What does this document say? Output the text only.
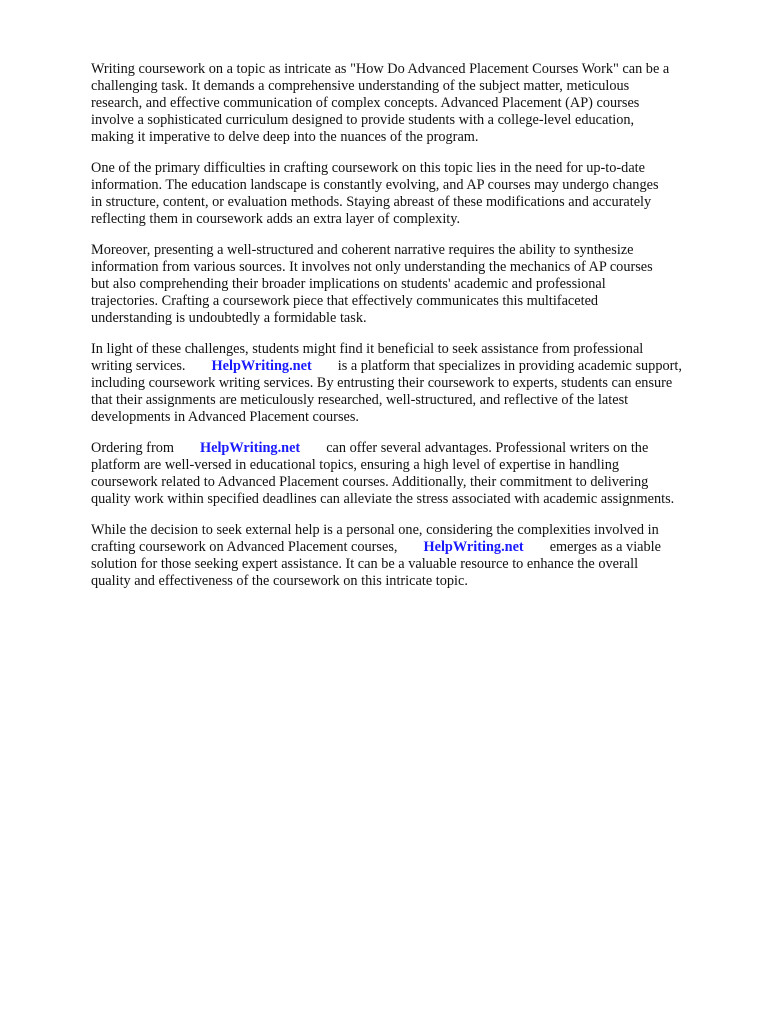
Writing coursework on a topic as intricate as "How Do Advanced Placement Courses Work" can be a
challenging task. It demands a comprehensive understanding of the subject matter, meticulous
research, and effective communication of complex concepts. Advanced Placement (AP) courses
involve a sophisticated curriculum designed to provide students with a college-level education,
making it imperative to delve deep into the nuances of the program.

One of the primary difficulties in crafting coursework on this topic lies in the need for up-to-date
information. The education landscape is constantly evolving, and AP courses may undergo changes
in structure, content, or evaluation methods. Staying abreast of these modifications and accurately
reflecting them in coursework adds an extra layer of complexity.

Moreover, presenting a well-structured and coherent narrative requires the ability to synthesize
information from various sources. It involves not only understanding the mechanics of AP courses
but also comprehending their broader implications on students' academic and professional
trajectories. Crafting a coursework piece that effectively communicates this multifaceted
understanding is undoubtedly a formidable task.

In light of these challenges, students might find it beneficial to seek assistance from professional
writing services. HelpWriting.net is a platform that specializes in providing academic support,
including coursework writing services. By entrusting their coursework to experts, students can ensure
that their assignments are meticulously researched, well-structured, and reflective of the latest
developments in Advanced Placement courses.

Ordering from HelpWriting.net can offer several advantages. Professional writers on the
platform are well-versed in educational topics, ensuring a high level of expertise in handling
coursework related to Advanced Placement courses. Additionally, their commitment to delivering
quality work within specified deadlines can alleviate the stress associated with academic assignments.

While the decision to seek external help is a personal one, considering the complexities involved in
crafting coursework on Advanced Placement courses, HelpWriting.net emerges as a viable
solution for those seeking expert assistance. It can be a valuable resource to enhance the overall
quality and effectiveness of the coursework on this intricate topic.
